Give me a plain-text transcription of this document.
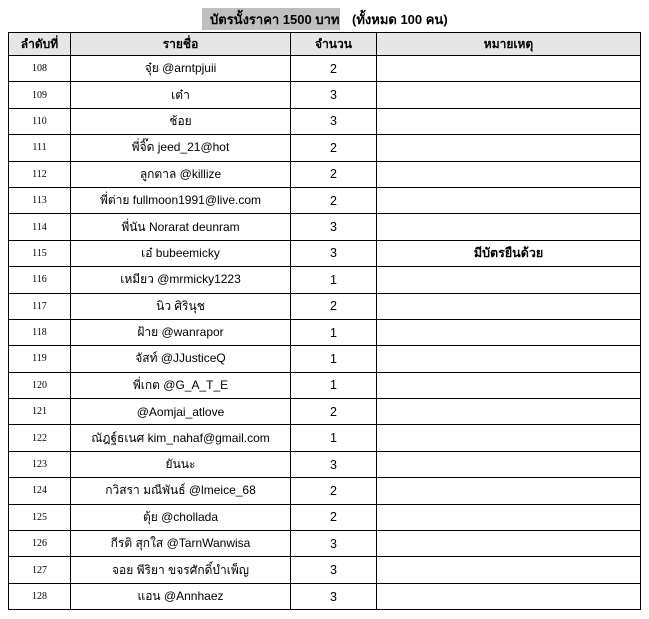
บัตรนั้งราคา 1500 บาท (ทั้งหมด 100 คน)
ลำดับที่	รายชื่อ	จำนวน	หมายเหตุ
108	จุ๋ย @arntpjuii	2	
109	เต๋า	3	
110	ช้อย	3	
111	พี่จิ๊ด jeed_21@hot	2	
112	ลูกตาล @killize	2	
113	พี่ต่าย fullmoon1991@live.com	2	
114	พี่นัน Norarat deunram	3	
115	เอ๋ bubeemicky	3	มีบัตรยืนด้วย
116	เหมียว @mrmicky1223	1	
117	นิว ศิรินุช	2	
118	ฝ้าย @wanrapor	1	
119	จัสท์ @JJusticeQ	1	
120	พี่เกต @G_A_T_E	1	
121	@Aomjai_atlove	2	
122	ณัฎฐ์ธเนศ kim_nahaf@gmail.com	1	
123	ยันนะ	3	
124	กวิสรา มณีพันธ์ @lmeice_68	2	
125	ตุ้ย @chollada	2	
126	กีรติ สุกใส @TarnWanwisa	3	
127	จอย พีริยา ขจรศักดิ์บำเพ็ญ	3	
128	แอน @Annhaez	3	
